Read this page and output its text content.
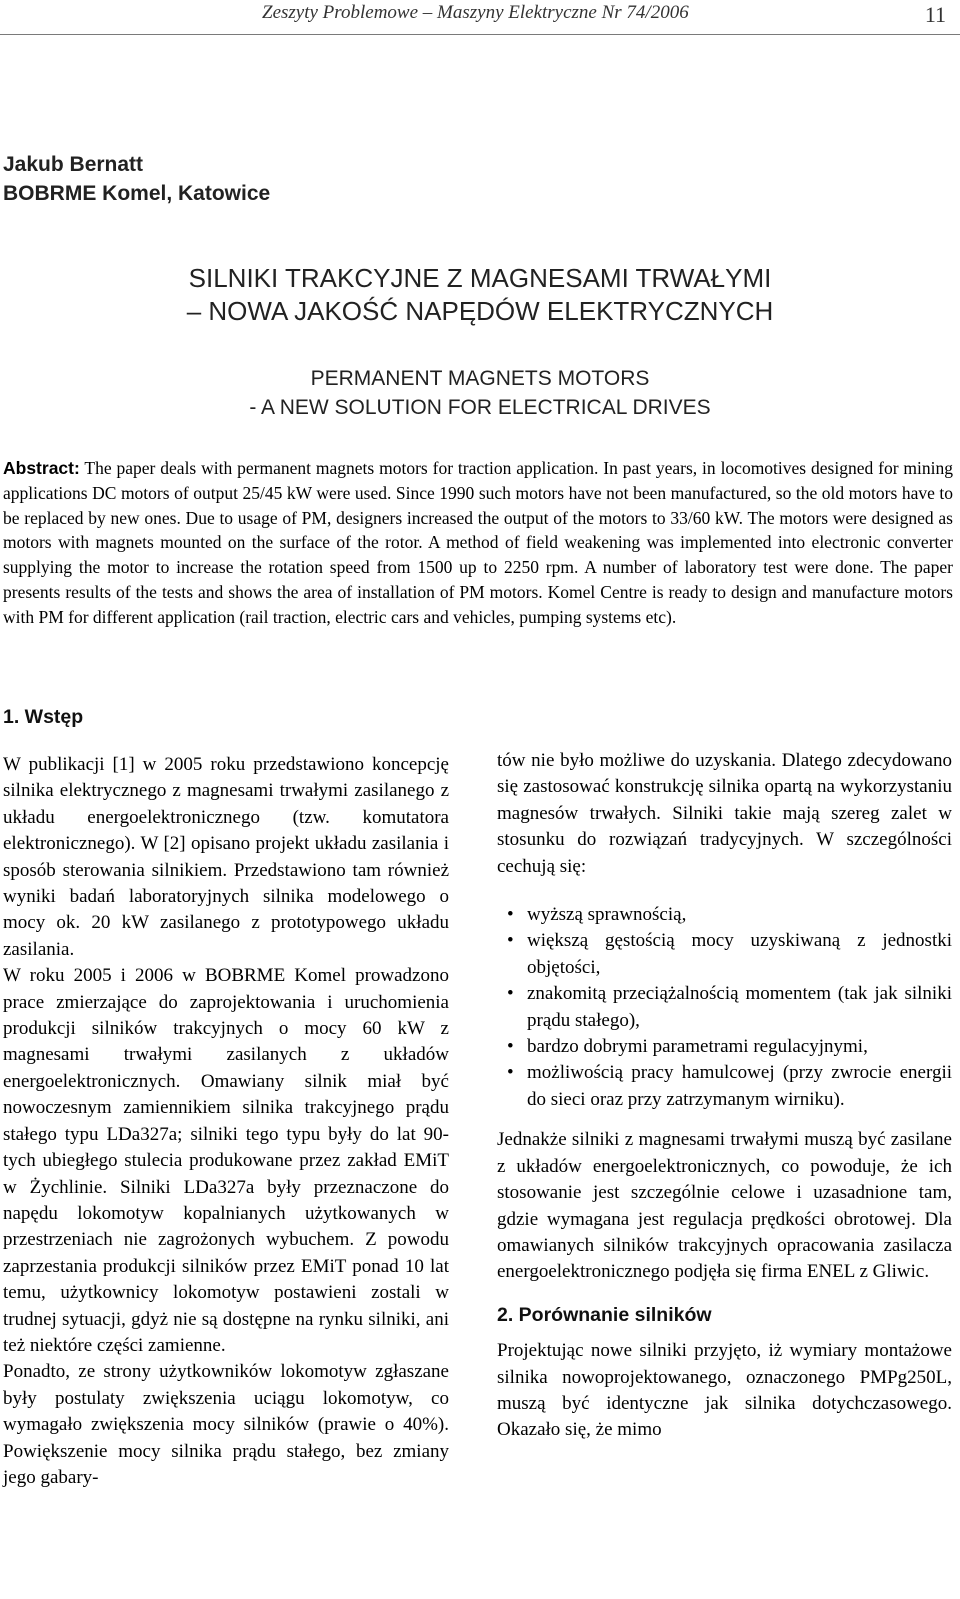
Zeszyty Problemowe – Maszyny Elektryczne Nr 74/2006	11
Jakub Bernatt
BOBRME Komel, Katowice
SILNIKI TRAKCYJNE Z MAGNESAMI TRWAŁYMI
– NOWA JAKOŚĆ NAPĘDÓW ELEKTRYCZNYCH
PERMANENT MAGNETS MOTORS
- A NEW SOLUTION FOR ELECTRICAL DRIVES
Abstract: The paper deals with permanent magnets motors for traction application. In past years, in locomotives designed for mining applications DC motors of output 25/45 kW were used. Since 1990 such motors have not been manufactured, so the old motors have to be replaced by new ones. Due to usage of PM, designers increased the output of the motors to 33/60 kW. The motors were designed as motors with magnets mounted on the surface of the rotor. A method of field weakening was implemented into electronic converter supplying the motor to increase the rotation speed from 1500 up to 2250 rpm. A number of laboratory test were done. The paper presents results of the tests and shows the area of installation of PM motors. Komel Centre is ready to design and manufacture motors with PM for different application (rail traction, electric cars and vehicles, pumping systems etc).
1. Wstęp

W publikacji [1] w 2005 roku przedstawiono koncepcję silnika elektrycznego z magnesami trwałymi zasilanego z układu energoelektronicznego (tzw. komutatora elektronicznego). W [2] opisano projekt układu zasilania i sposób sterowania silnikiem. Przedstawiono tam również wyniki badań laboratoryjnych silnika modelowego o mocy ok. 20 kW zasilanego z prototypowego układu zasilania.

W roku 2005 i 2006 w BOBRME Komel prowadzono prace zmierzające do zaprojektowania i uruchomienia produkcji silników trakcyjnych o mocy 60 kW z magnesami trwałymi zasilanych z układów energoelektronicznych. Omawiany silnik miał być nowoczesnym zamiennikiem silnika trakcyjnego prądu stałego typu LDa327a; silniki tego typu były do lat 90-tych ubiegłego stulecia produkowane przez zakład EMiT w Żychlinie. Silniki LDa327a były przeznaczone do napędu lokomotyw kopalnianych użytkowanych w przestrzeniach nie zagrożonych wybuchem. Z powodu zaprzestania produkcji silników przez EMiT ponad 10 lat temu, użytkownicy lokomotyw postawieni zostali w trudnej sytuacji, gdyż nie są dostępne na rynku silniki, ani też niektóre części zamienne.

Ponadto, ze strony użytkowników lokomotyw zgłaszane były postulaty zwiększenia uciągu lokomotyw, co wymagało zwiększenia mocy silników (prawie o 40%). Powiększenie mocy silnika prądu stałego, bez zmiany jego gabary-

tów nie było możliwe do uzyskania. Dlatego zdecydowano się zastosować konstrukcję silnika opartą na wykorzystaniu magnesów trwałych. Silniki takie mają szereg zalet w stosunku do rozwiązań tradycyjnych. W szczególności cechują się:

• wyższą sprawnością,
• większą gęstością mocy uzyskiwaną z jednostki objętości,
• znakomitą przeciążalnością momentem (tak jak silniki prądu stałego),
• bardzo dobrymi parametrami regulacyjnymi,
• możliwością pracy hamulcowej (przy zwrocie energii do sieci oraz przy zatrzymanym wirniku).

Jednakże silniki z magnesami trwałymi muszą być zasilane z układów energoelektronicznych, co powoduje, że ich stosowanie jest szczególnie celowe i uzasadnione tam, gdzie wymagana jest regulacja prędkości obrotowej. Dla omawianych silników trakcyjnych opracowania zasilacza energoelektronicznego podjęła się firma ENEL z Gliwic.

2. Porównanie silników

Projektując nowe silniki przyjęto, iż wymiary montażowe silnika nowoprojektowanego, oznaczonego PMPg250L, muszą być identyczne jak silnika dotychczasowego. Okazało się, że mimo
